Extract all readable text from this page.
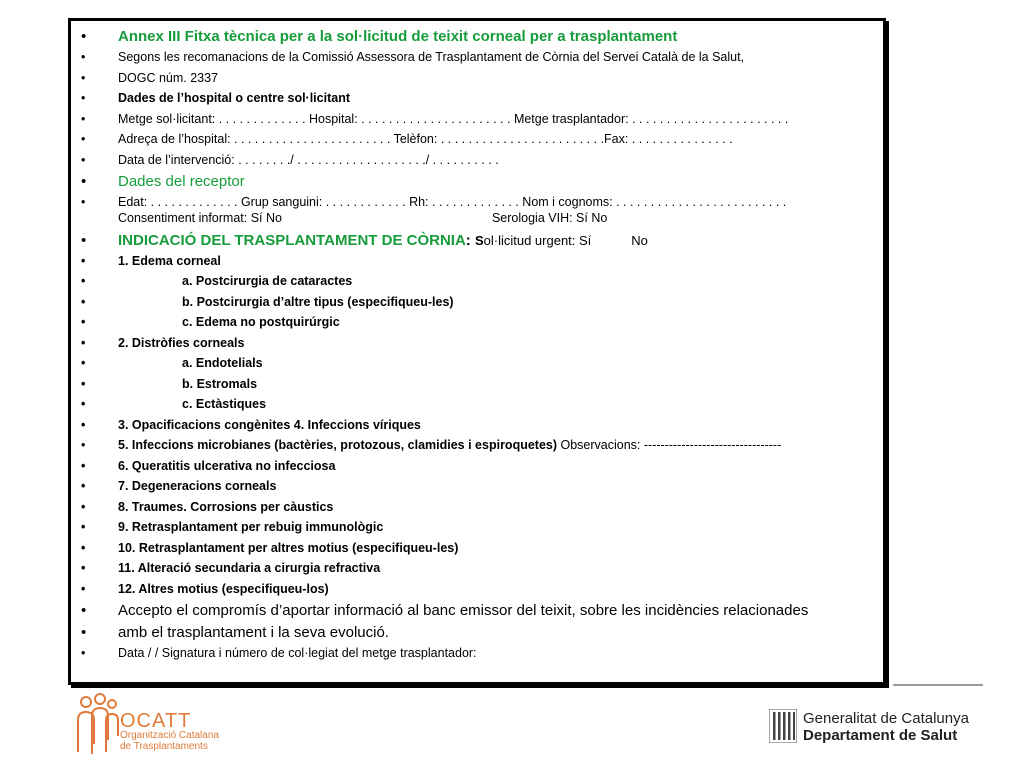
• Annex III Fitxa tècnica per a la sol·licitud de teixit corneal per a trasplantament
• Segons les recomanacions de la Comissió Assessora de Trasplantament de Còrnia del Servei Català de la Salut,
• DOGC núm. 2337
• Dades de l’hospital o centre sol·licitant
• Metge sol·licitant: . . . . . . . . . . . . . Hospital: . . . . . . . . . . . . . . . . . . . . . . Metge trasplantador: . . . . . . . . . . . . . . . . . . . . . . .
• Adreça de l’hospital: . . . . . . . . . . . . . . . . . . . . . . . Telèfon: . . . . . . . . . . . . . . . . . . . . . . . .Fax: . . . . . . . . . . . . . . .
• Data de l’intervenció: . . . . . . . ./ . . . . . . . . . . . . . . . . . . ./ . . . . . . . . . .
• Dades del receptor
• Edat: . . . . . . . . . . . . . Grup sanguini: . . . . . . . . . . . . Rh: . . . . . . . . . . . . . Nom i cognoms: . . . . . . . . . . . . . . . . . . . . . . . . .
Consentiment informat: Sí No	Serologia VIH: Sí No
• INDICACIÓ DEL TRASPLANTAMENT DE CÒRNIA: Sol·licitud urgent: Sí	No
• 1. Edema corneal
• a. Postcirurgia de cataractes
• b. Postcirurgia d’altre tipus (especifiqueu-les)
• c. Edema no postquirúrgic
• 2. Distròfies corneals
• a. Endotelials
• b. Estromals
• c. Ectàstiques
• 3. Opacificacions congènites 4. Infeccions víriques
• 5. Infeccions microbianes (bactèries, protozous, clamidies i espiroquetes) Observacions: ---------------------------------
• 6. Queratitis ulcerativa no infecciosa
• 7. Degeneracions corneals
• 8. Traumes. Corrosions per càustics
• 9. Retrasplantament per rebuig immunològic
• 10. Retrasplantament per altres motius (especifiqueu-les)
• 11. Alteració secundaria a cirurgia refractiva
• 12. Altres motius (especifiqueu-los)
• Accepto el compromís d’aportar informació al banc emissor del teixit, sobre les incidències relacionades
• amb el trasplantament i la seva evolució.
• Data / / Signatura i número de col·legiat del metge trasplantador:
OCATT
Organització Catalana
de Trasplantaments
Generalitat de Catalunya
Departament de Salut
